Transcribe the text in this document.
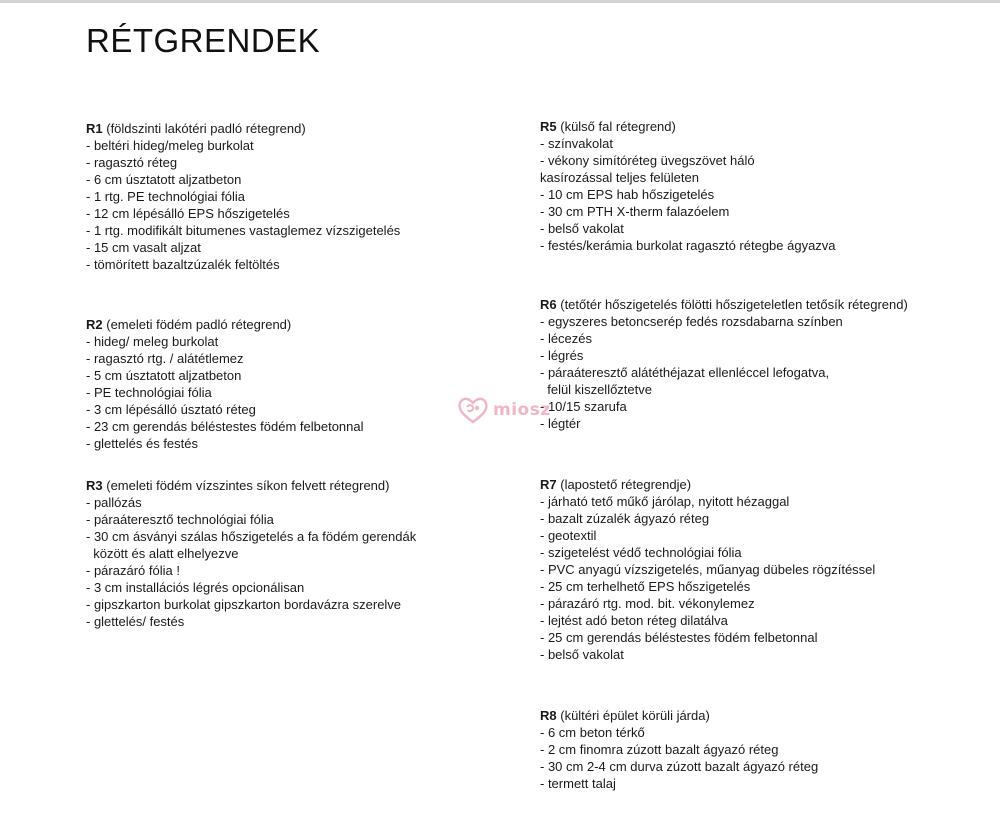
RÉTGRENDEK
R1 (földszinti lakótéri padló rétegrend)
- beltéri hideg/meleg burkolat
- ragasztó réteg
- 6 cm úsztatott aljzatbeton
- 1 rtg. PE technológiai fólia
- 12 cm lépésálló EPS hőszigetelés
- 1 rtg. modifikált bitumenes vastaglemez vízszigetelés
- 15 cm vasalt aljzat
- tömörített bazaltzúzalék feltöltés
R2 (emeleti födém padló rétegrend)
- hideg/ meleg burkolat
- ragasztó rtg. / alátétlemez
- 5 cm úsztatott aljzatbeton
- PE technológiai fólia
- 3 cm lépésálló úsztató réteg
- 23 cm gerendás béléstestes födém felbetonnal
- glettelés és festés
R3 (emeleti födém vízszintes síkon felvett rétegrend)
- pallózás
- páraáteresztő technológiai fólia
- 30 cm ásványi szálas hőszigetelés a fa födém gerendák
között és alatt elhelyezve
- párazáró fólia !
- 3 cm installációs légrés opcionálisan
- gipszkarton burkolat gipszkarton bordavázra szerelve
- glettelés/ festés
R5 (külső fal rétegrend)
- színvakolat
- vékony simítóréteg üvegszövet háló
kasírozással teljes felületen
- 10 cm EPS hab hőszigetelés
- 30 cm PTH X-therm falazóelem
- belső vakolat
- festés/kerámia burkolat ragasztó rétegbe ágyazva
R6 (tetőtér hőszigetelés fölötti hőszigeteletlen tetősík rétegrend)
- egyszeres betoncserép fedés rozsdabarna színben
- lécezés
- légrés
- páraáteresztő alátéthéjazat ellenléccel lefogatva,
felül kiszellőztetve
- 10/15 szarufa
- légtér
R7 (lapostető rétegrendje)
- járható tető műkő járólap, nyitott hézaggal
- bazalt zúzalék ágyazó réteg
- geotextil
- szigetelést védő technológiai fólia
- PVC anyagú vízszigetelés, műanyag dübeles rögzítéssel
- 25 cm terhelhető EPS hőszigetelés
- párazáró rtg. mod. bit. vékonylemez
- lejtést adó beton réteg dilatálva
- 25 cm gerendás béléstestes födém felbetonnal
- belső vakolat
R8 (kültéri épület körüli járda)
- 6 cm beton térkő
- 2 cm finomra zúzott bazalt ágyazó réteg
- 30 cm 2-4 cm durva zúzott bazalt ágyazó réteg
- termett talaj
miosz
